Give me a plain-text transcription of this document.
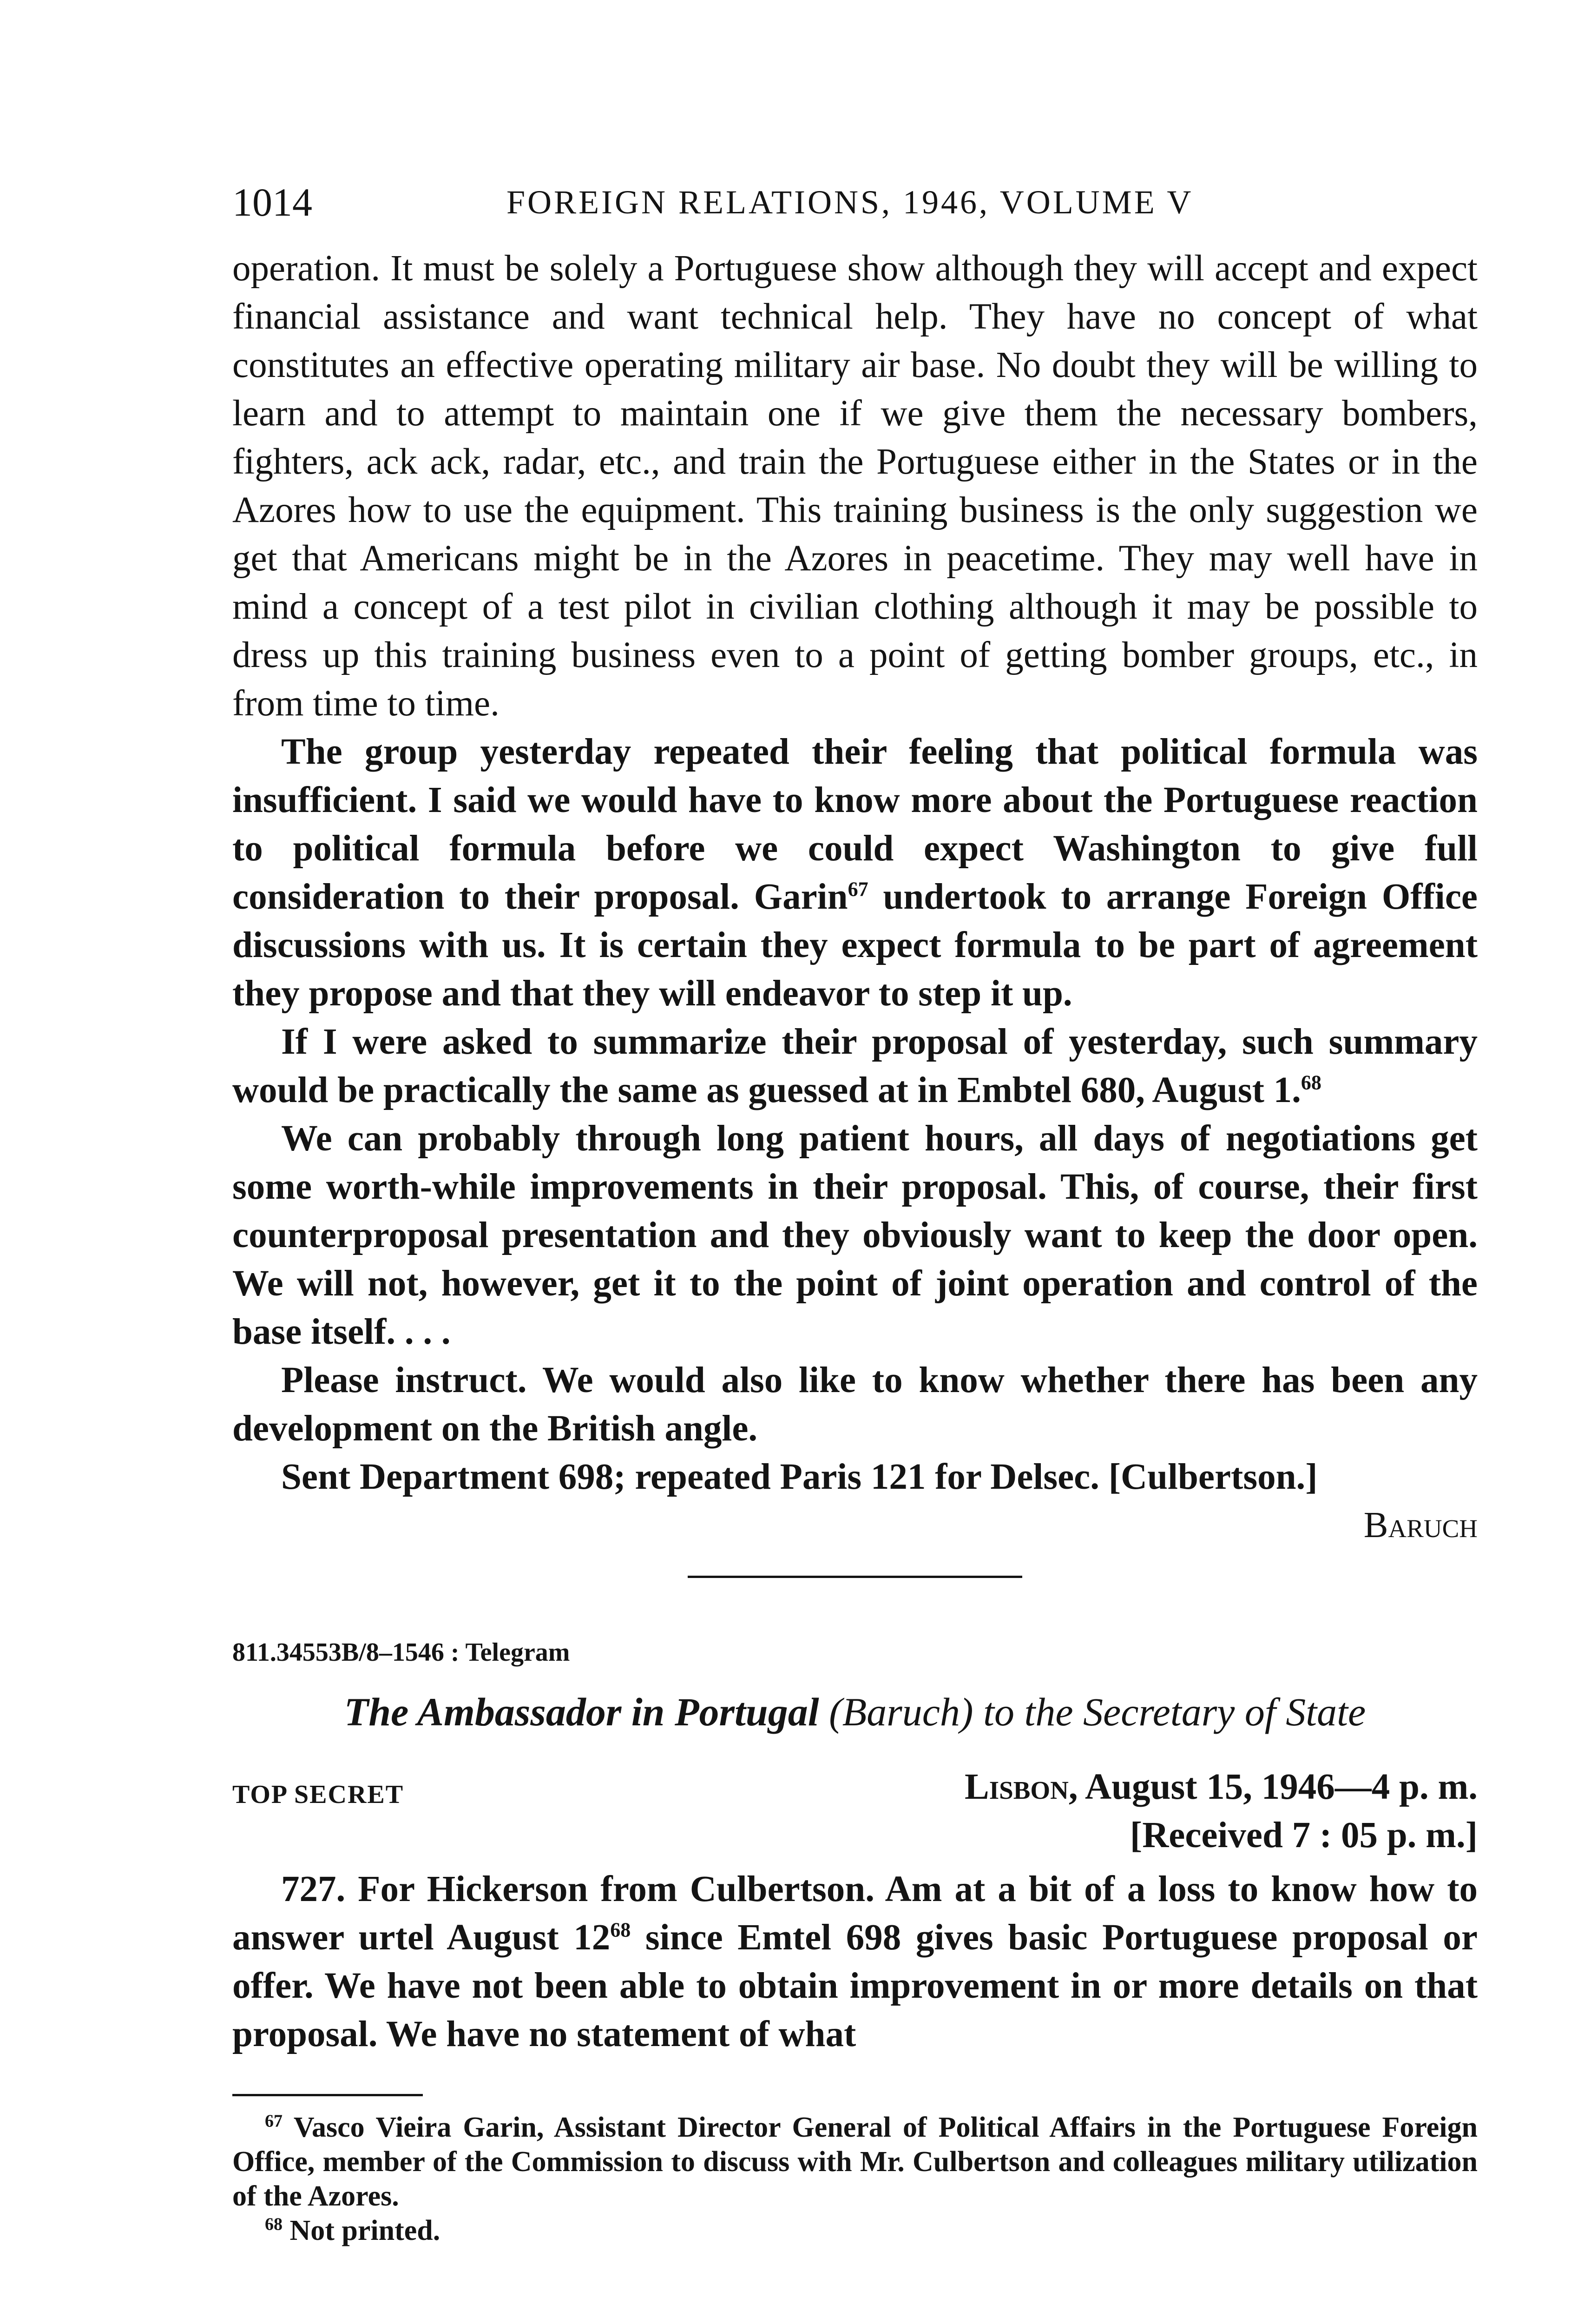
1014	FOREIGN RELATIONS, 1946, VOLUME V

operation. It must be solely a Portuguese show although they will accept and expect financial assistance and want technical help. They have no concept of what constitutes an effective operating military air base. No doubt they will be willing to learn and to attempt to maintain one if we give them the necessary bombers, fighters, ack ack, radar, etc., and train the Portuguese either in the States or in the Azores how to use the equipment. This training business is the only suggestion we get that Americans might be in the Azores in peacetime. They may well have in mind a concept of a test pilot in civilian clothing although it may be possible to dress up this training business even to a point of getting bomber groups, etc., in from time to time.

The group yesterday repeated their feeling that political formula was insufficient. I said we would have to know more about the Portuguese reaction to political formula before we could expect Washington to give full consideration to their proposal. Garin$^{67}$ undertook to arrange Foreign Office discussions with us. It is certain they expect formula to be part of agreement they propose and that they will endeavor to step it up.

If I were asked to summarize their proposal of yesterday, such summary would be practically the same as guessed at in Embtel 680, August 1.68

We can probably through long patient hours, all days of negotiations get some worth-while improvements in their proposal. This, of course, their first counterproposal presentation and they obviously want to keep the door open. We will not, however, get it to the point of joint operation and control of the base itself. . . .

Please instruct. We would also like to know whether there has been any development on the British angle.

Sent Department 698; repeated Paris 121 for Delsec. [Culbertson.]

Baruch
811.34553B/8–1546 : Telegram
The Ambassador in Portugal (Baruch) to the Secretary of State
TOP SECRET	Lisbon, August 15, 1946—4 p. m.
[Received 7 : 05 p. m.]

727. For Hickerson from Culbertson. Am at a bit of a loss to know how to answer urtel August 12$^{68}$ since Emtel 698 gives basic Portuguese proposal or offer. We have not been able to obtain improvement in or more details on that proposal. We have no statement of what

$^{67}$ Vasco Vieira Garin, Assistant Director General of Political Affairs in the Portuguese Foreign Office, member of the Commission to discuss with Mr. Culbertson and colleagues military utilization of the Azores.

$^{68}$ Not printed.
